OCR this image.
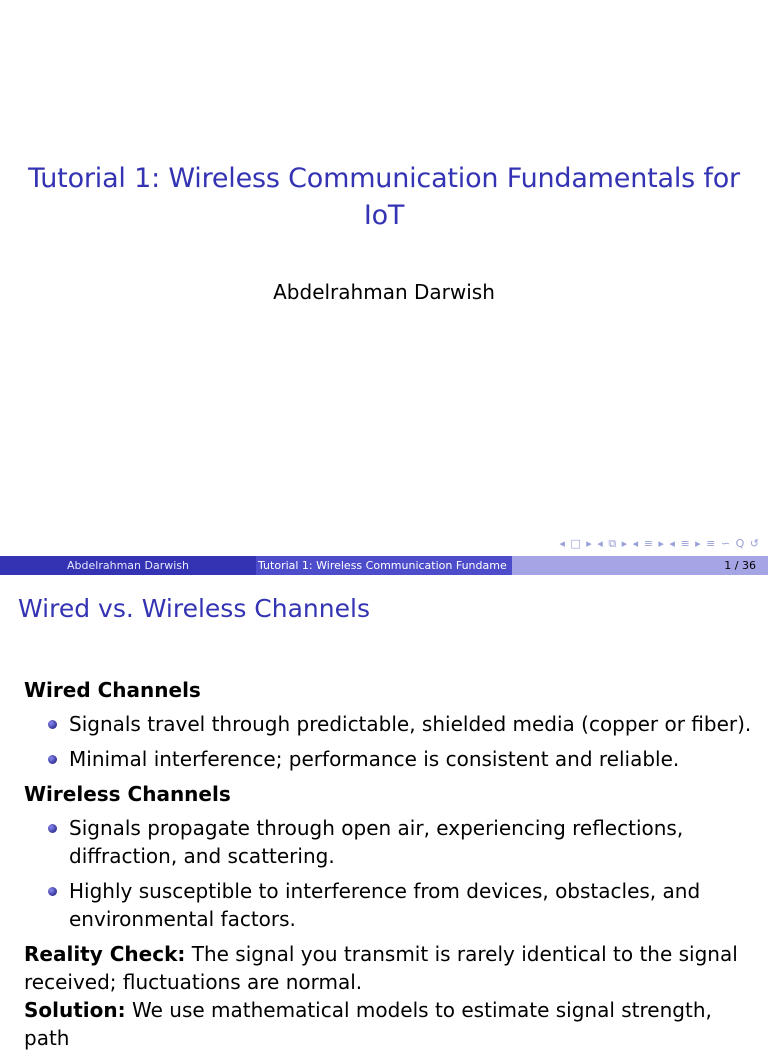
Tutorial 1: Wireless Communication Fundamentals for
IoT
Abdelrahman Darwish
◂ □ ▸ ◂ ⧉ ▸ ◂ ≡ ▸ ◂ ≡ ▸ ≡ ∽ Q ↺
Abdelrahman Darwish	Tutorial 1: Wireless Communication Fundame	1 / 36
Wired vs. Wireless Channels

Wired Channels

Signals travel through predictable, shielded media (copper or fiber).
Minimal interference; performance is consistent and reliable.

Wireless Channels

Signals propagate through open air, experiencing reflections, diffraction, and scattering.
Highly susceptible to interference from devices, obstacles, and environmental factors.

Reality Check: The signal you transmit is rarely identical to the signal received; fluctuations are normal.

Solution: We use mathematical models to estimate signal strength, path
